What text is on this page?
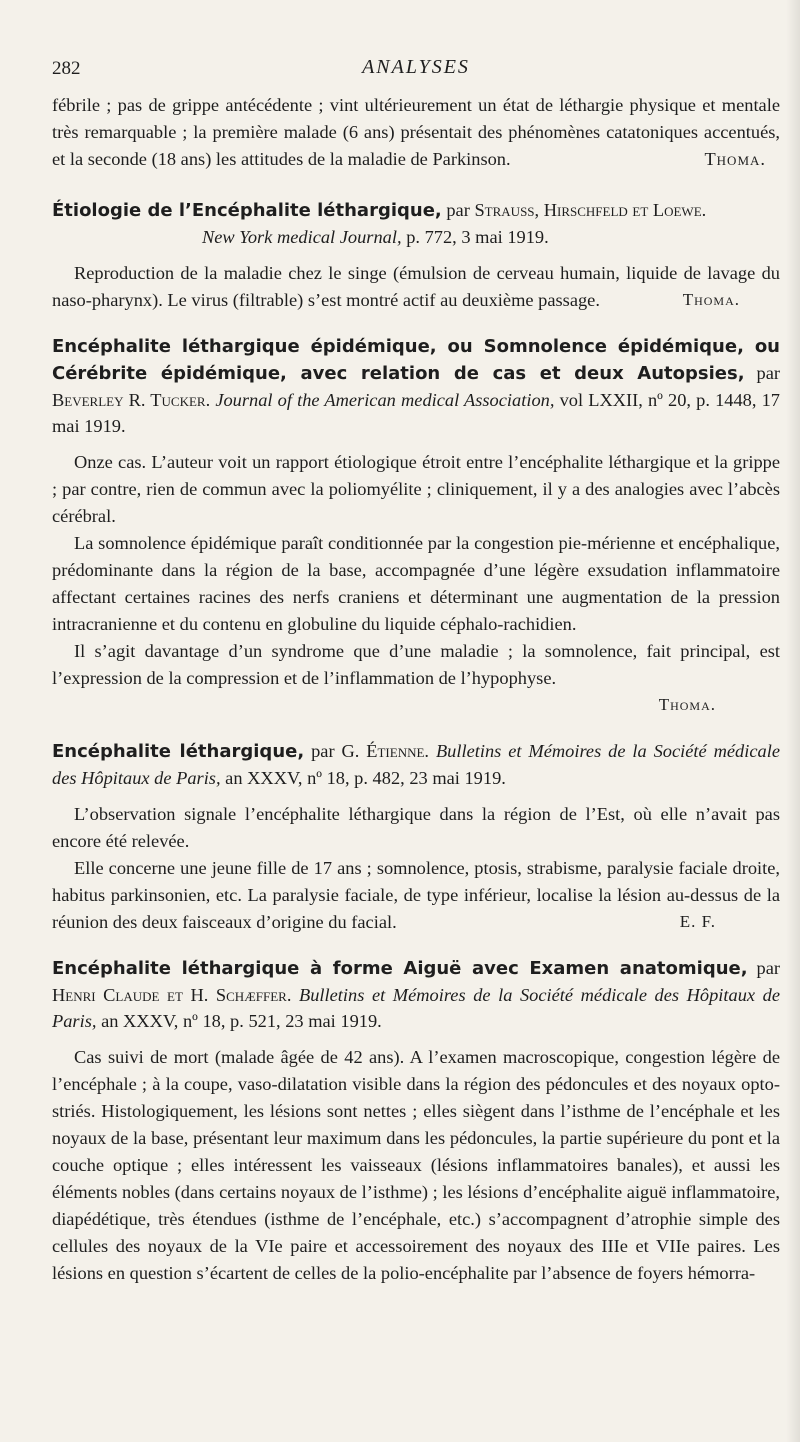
282	ANALYSES

fébrile ; pas de grippe antécédente ; vint ultérieurement un état de léthargie physique et mentale très remarquable ; la première malade (6 ans) présentait des phénomènes catatoniques accentués, et la seconde (18 ans) les attitudes de la maladie de Parkinson.	Thoma.

Étiologie de l’Encéphalite léthargique, par Strauss, Hirschfeld et Loewe.
New York medical Journal, p. 772, 3 mai 1919.

Reproduction de la maladie chez le singe (émulsion de cerveau humain, liquide de lavage du naso-pharynx). Le virus (filtrable) s’est montré actif au deuxième passage.	Thoma.

Encéphalite léthargique épidémique, ou Somnolence épidémique, ou Cérébrite épidémique, avec relation de cas et deux Autopsies, par Beverley R. Tucker. Journal of the American medical Association, vol LXXII, nº 20, p. 1448, 17 mai 1919.

Onze cas. L’auteur voit un rapport étiologique étroit entre l’encéphalite léthargique et la grippe ; par contre, rien de commun avec la poliomyélite ; cliniquement, il y a des analogies avec l’abcès cérébral.

La somnolence épidémique paraît conditionnée par la congestion pie-mérienne et encéphalique, prédominante dans la région de la base, accompagnée d’une légère exsudation inflammatoire affectant certaines racines des nerfs craniens et déterminant une augmentation de la pression intracranienne et du contenu en globuline du liquide céphalo-rachidien.

Il s’agit davantage d’un syndrome que d’une maladie ; la somnolence, fait principal, est l’expression de la compression et de l’inflammation de l’hypophyse.

Thoma.

Encéphalite léthargique, par G. Étienne. Bulletins et Mémoires de la Société médicale des Hôpitaux de Paris, an XXXV, nº 18, p. 482, 23 mai 1919.

L’observation signale l’encéphalite léthargique dans la région de l’Est, où elle n’avait pas encore été relevée.

Elle concerne une jeune fille de 17 ans ; somnolence, ptosis, strabisme, paralysie faciale droite, habitus parkinsonien, etc. La paralysie faciale, de type inférieur, localise la lésion au-dessus de la réunion des deux faisceaux d’origine du facial.	E. F.

Encéphalite léthargique à forme Aiguë avec Examen anatomique, par Henri Claude et H. Schæffer. Bulletins et Mémoires de la Société médicale des Hôpitaux de Paris, an XXXV, nº 18, p. 521, 23 mai 1919.

Cas suivi de mort (malade âgée de 42 ans). A l’examen macroscopique, congestion légère de l’encéphale ; à la coupe, vaso-dilatation visible dans la région des pédoncules et des noyaux opto-striés. Histologiquement, les lésions sont nettes ; elles siègent dans l’isthme de l’encéphale et les noyaux de la base, présentant leur maximum dans les pédoncules, la partie supérieure du pont et la couche optique ; elles intéressent les vaisseaux (lésions inflammatoires banales), et aussi les éléments nobles (dans certains noyaux de l’isthme) ; les lésions d’encéphalite aiguë inflammatoire, diapédétique, très étendues (isthme de l’encéphale, etc.) s’accompagnent d’atrophie simple des cellules des noyaux de la VIe paire et accessoirement des noyaux des IIIe et VIIe paires. Les lésions en question s’écartent de celles de la polio-encéphalite par l’absence de foyers hémorra-
